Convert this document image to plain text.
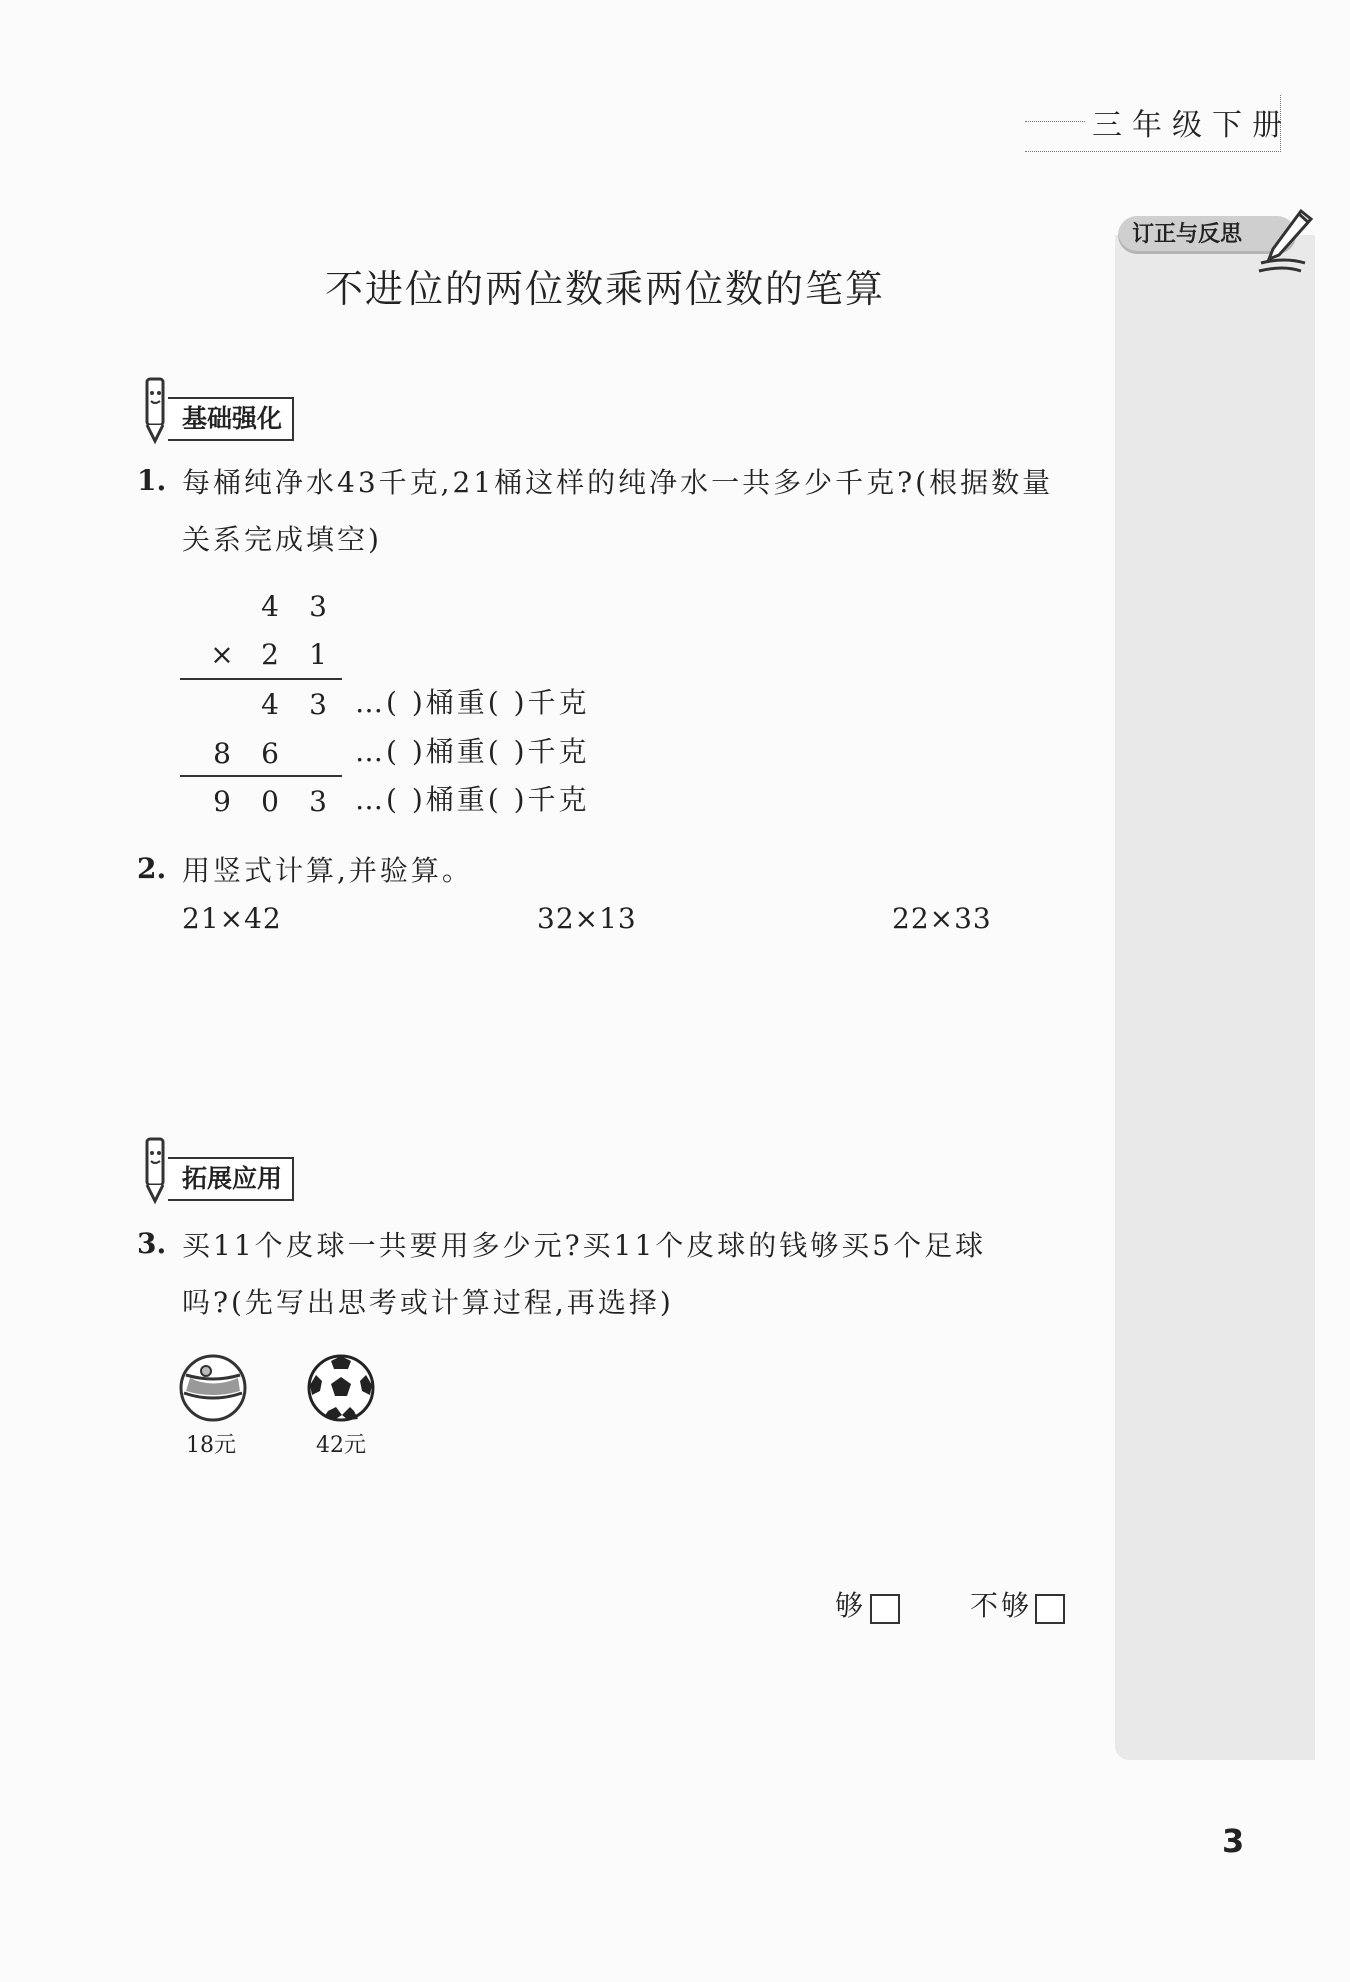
三年级下册
订正与反思
不进位的两位数乘两位数的笔算
基础强化
1. 每桶纯净水43千克,21桶这样的纯净水一共多少千克?(根据数量
关系完成填空)
4 3
× 2 1
4 3 …( )桶重( )千克
8 6	…( )桶重( )千克
9 0 3 …( )桶重( )千克
2. 用竖式计算,并验算。
21×42	32×13	22×33
拓展应用
3. 买11个皮球一共要用多少元?买11个皮球的钱够买5个足球
吗?(先写出思考或计算过程,再选择)
18元	42元
够	不够
3
